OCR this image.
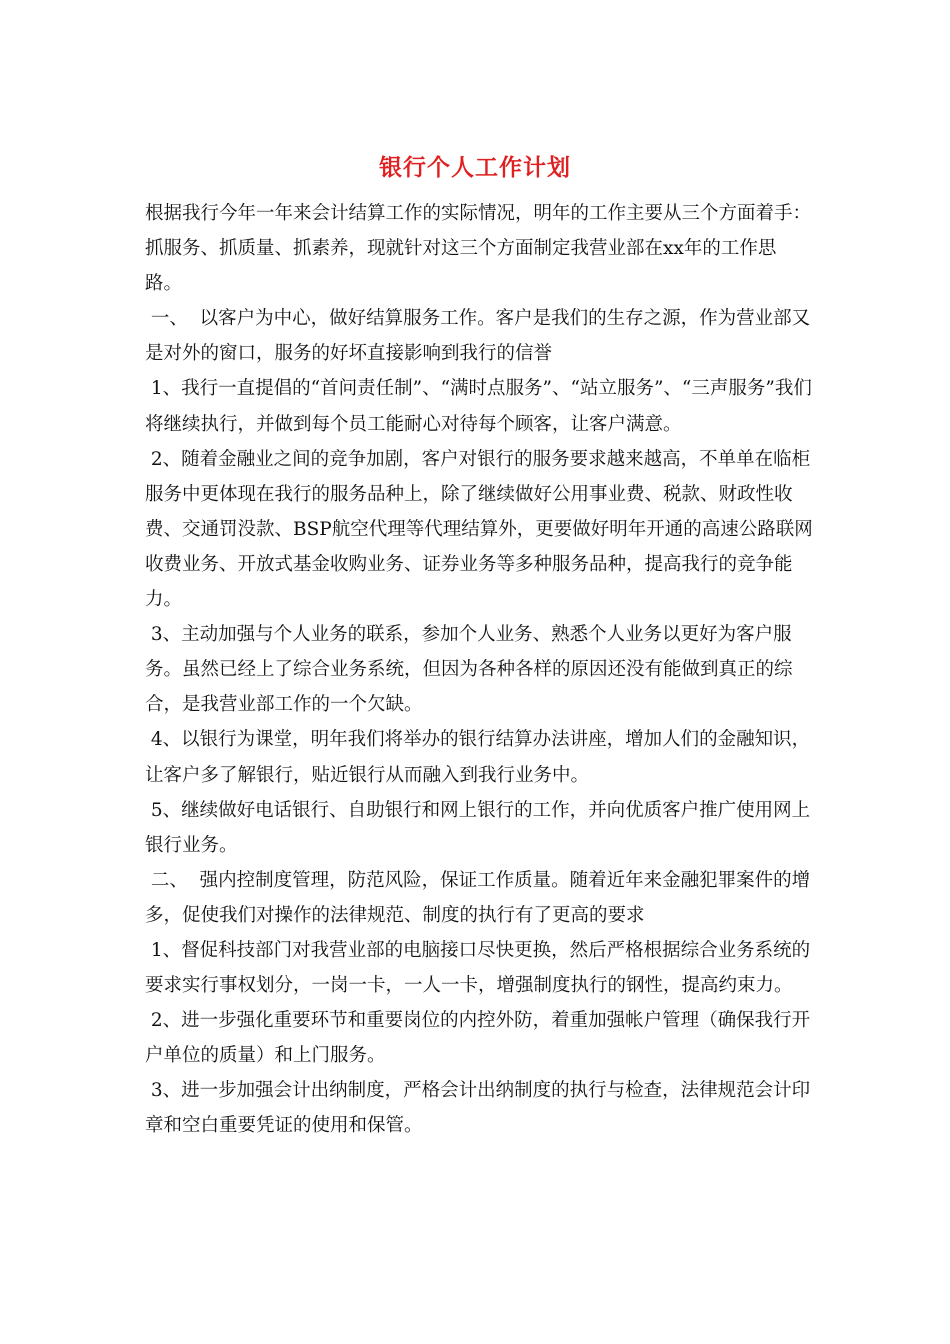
银行个人工作计划

根据我行今年一年来会计结算工作的实际情况，明年的工作主要从三个方面着手：抓服务、抓质量、抓素养，现就针对这三个方面制定我营业部在xx年的工作思路。

一、  以客户为中心，做好结算服务工作。客户是我们的生存之源，作为营业部又是对外的窗口，服务的好坏直接影响到我行的信誉

1、我行一直提倡的“首问责任制”、“满时点服务”、“站立服务”、“三声服务”我们将继续执行，并做到每个员工能耐心对待每个顾客，让客户满意。

2、随着金融业之间的竞争加剧，客户对银行的服务要求越来越高，不单单在临柜服务中更体现在我行的服务品种上，除了继续做好公用事业费、税款、财政性收费、交通罚没款、BSP航空代理等代理结算外，更要做好明年开通的高速公路联网收费业务、开放式基金收购业务、证券业务等多种服务品种，提高我行的竞争能力。

3、主动加强与个人业务的联系，参加个人业务、熟悉个人业务以更好为客户服务。虽然已经上了综合业务系统，但因为各种各样的原因还没有能做到真正的综合，是我营业部工作的一个欠缺。

4、以银行为课堂，明年我们将举办的银行结算办法讲座，增加人们的金融知识，让客户多了解银行，贴近银行从而融入到我行业务中。

5、继续做好电话银行、自助银行和网上银行的工作，并向优质客户推广使用网上银行业务。

二、  强内控制度管理，防范风险，保证工作质量。随着近年来金融犯罪案件的增多，促使我们对操作的法律规范、制度的执行有了更高的要求

1、督促科技部门对我营业部的电脑接口尽快更换，然后严格根据综合业务系统的要求实行事权划分，一岗一卡，一人一卡，增强制度执行的钢性，提高约束力。

2、进一步强化重要环节和重要岗位的内控外防，着重加强帐户管理（确保我行开户单位的质量）和上门服务。

3、进一步加强会计出纳制度，严格会计出纳制度的执行与检查，法律规范会计印章和空白重要凭证的使用和保管。
